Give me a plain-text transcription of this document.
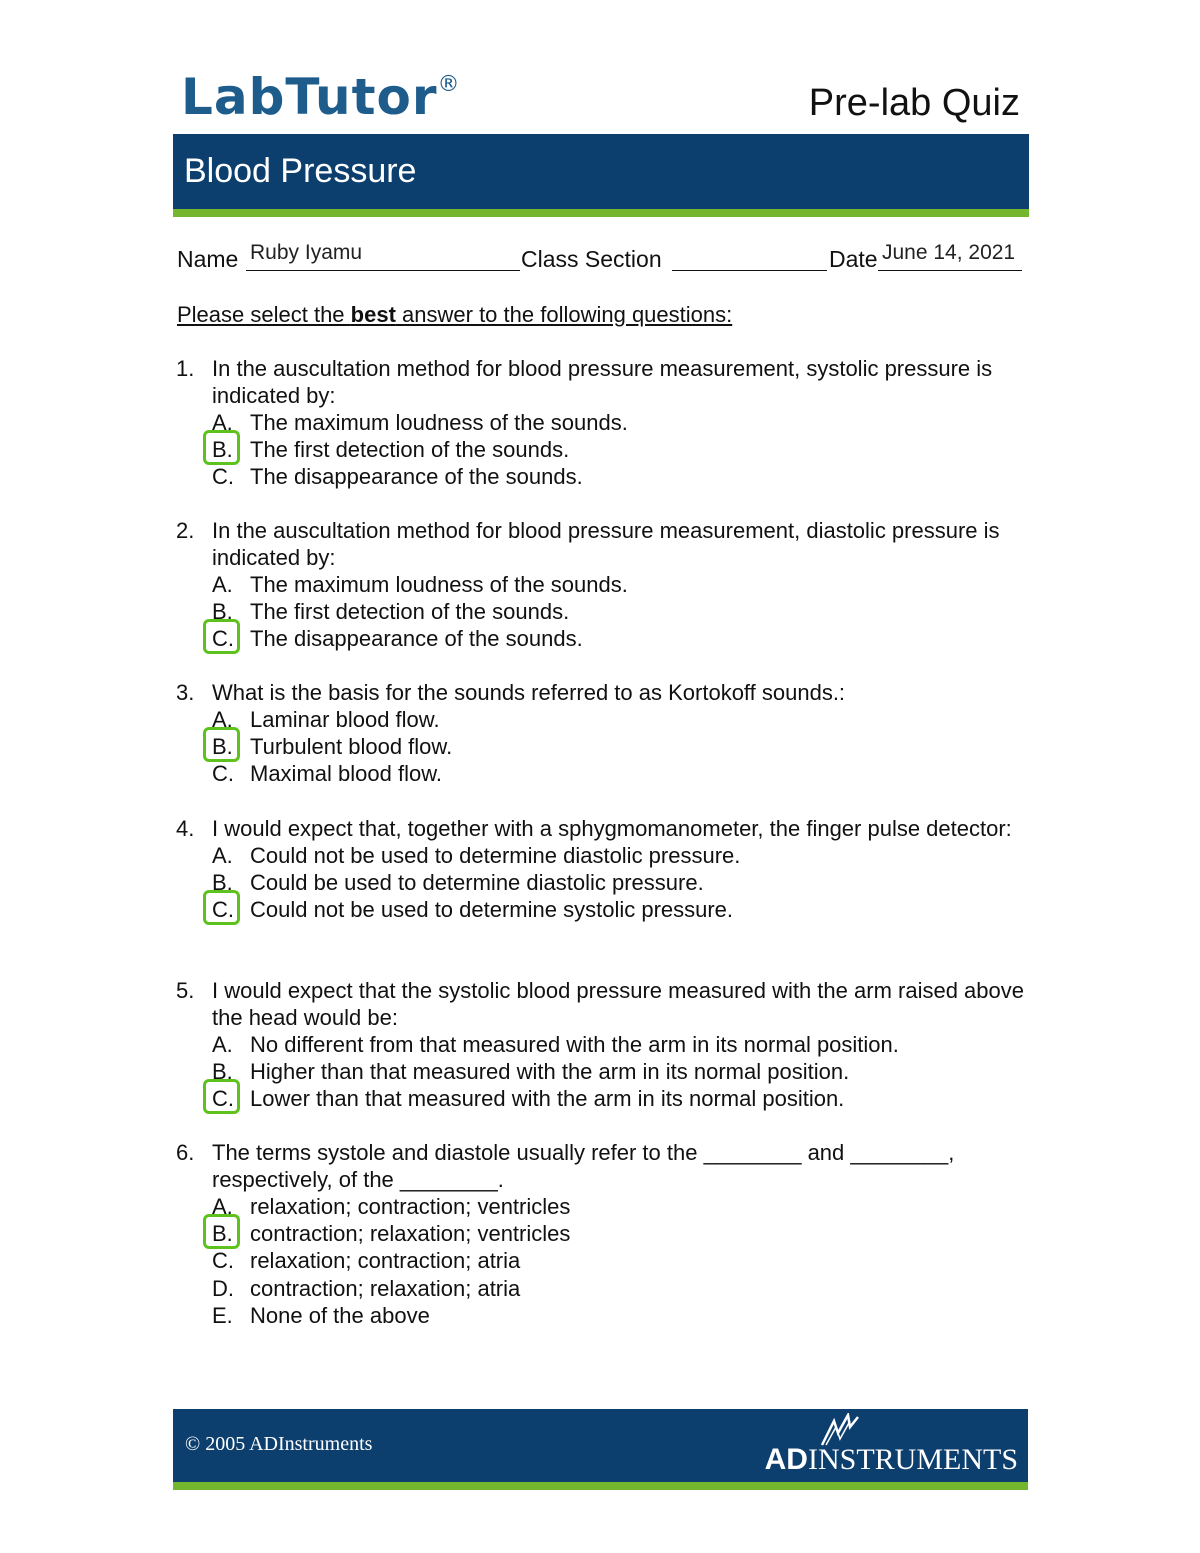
LabTutor®	Pre-lab Quiz
Blood Pressure
Name Ruby Iyamu	Class Section	Date June 14, 2021
Please select the best answer to the following questions:
1. In the auscultation method for blood pressure measurement, systolic pressure is indicated by:
A. The maximum loudness of the sounds.
B. The first detection of the sounds.
C. The disappearance of the sounds.
2. In the auscultation method for blood pressure measurement, diastolic pressure is indicated by:
A. The maximum loudness of the sounds.
B. The first detection of the sounds.
C. The disappearance of the sounds.
3. What is the basis for the sounds referred to as Kortokoff sounds.:
A. Laminar blood flow.
B. Turbulent blood flow.
C. Maximal blood flow.
4. I would expect that, together with a sphygmomanometer, the finger pulse detector:
A. Could not be used to determine diastolic pressure.
B. Could be used to determine diastolic pressure.
C. Could not be used to determine systolic pressure.
5. I would expect that the systolic blood pressure measured with the arm raised above the head would be:
A. No different from that measured with the arm in its normal position.
B. Higher than that measured with the arm in its normal position.
C. Lower than that measured with the arm in its normal position.
6. The terms systole and diastole usually refer to the ________ and ________, respectively, of the ________.
A. relaxation; contraction; ventricles
B. contraction; relaxation; ventricles
C. relaxation; contraction; atria
D. contraction; relaxation; atria
E. None of the above
© 2005 ADInstruments	ADINSTRUMENTS
